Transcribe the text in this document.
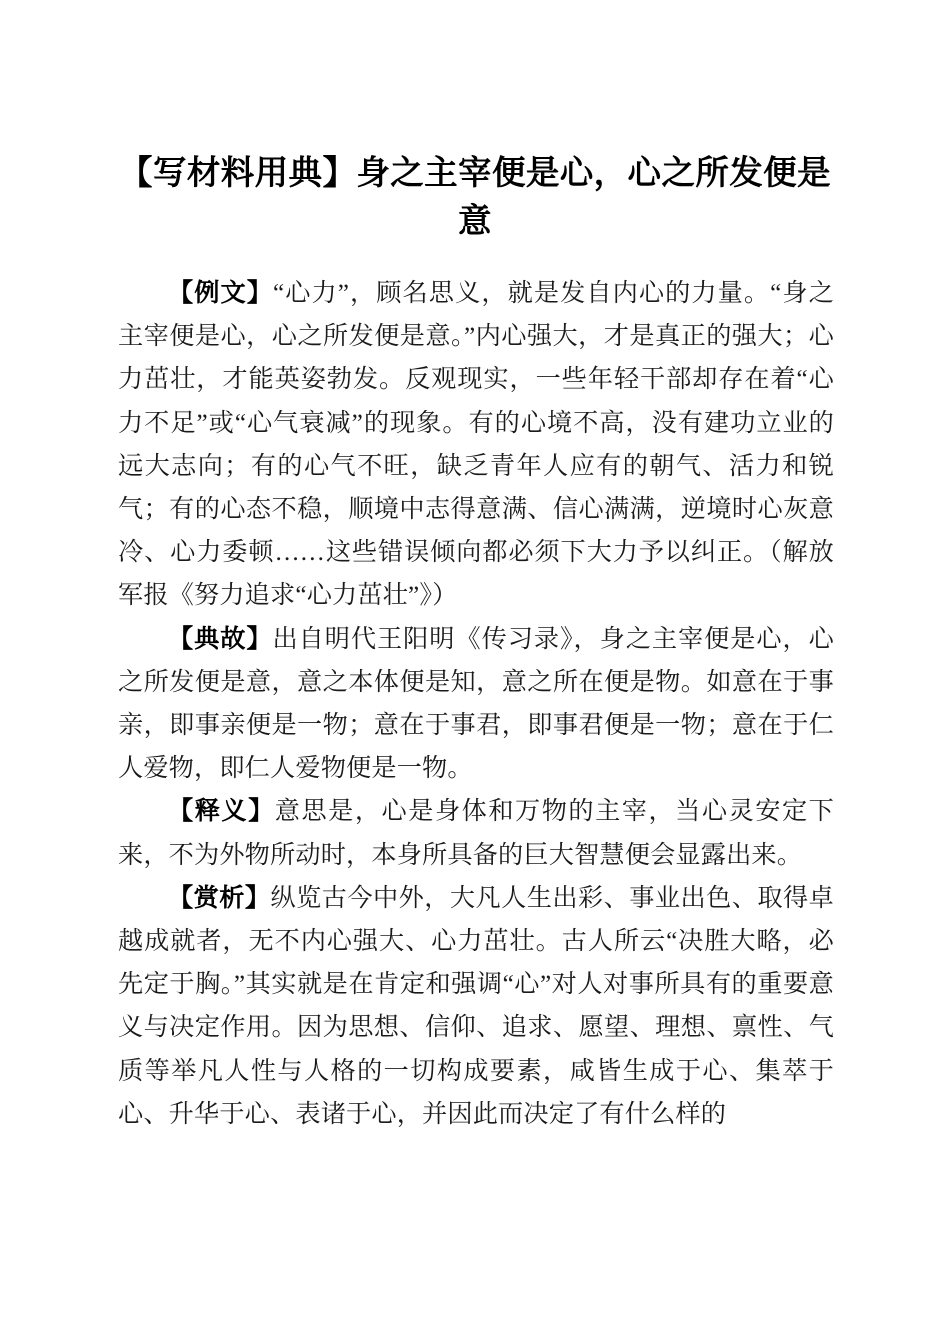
【写材料用典】身之主宰便是心，心之所发便是意

【例文】“心力”，顾名思义，就是发自内心的力量。“身之主宰便是心，心之所发便是意。”内心强大，才是真正的强大；心力茁壮，才能英姿勃发。反观现实，一些年轻干部却存在着“心力不足”或“心气衰减”的现象。有的心境不高，没有建功立业的远大志向；有的心气不旺，缺乏青年人应有的朝气、活力和锐气；有的心态不稳，顺境中志得意满、信心满满，逆境时心灰意冷、心力委顿……这些错误倾向都必须下大力予以纠正。（解放军报《努力追求“心力茁壮”》）

【典故】出自明代王阳明《传习录》，身之主宰便是心，心之所发便是意，意之本体便是知，意之所在便是物。如意在于事亲，即事亲便是一物；意在于事君，即事君便是一物；意在于仁人爱物，即仁人爱物便是一物。

【释义】意思是，心是身体和万物的主宰，当心灵安定下来，不为外物所动时，本身所具备的巨大智慧便会显露出来。

【赏析】纵览古今中外，大凡人生出彩、事业出色、取得卓越成就者，无不内心强大、心力茁壮。古人所云“决胜大略，必先定于胸。”其实就是在肯定和强调“心”对人对事所具有的重要意义与决定作用。因为思想、信仰、追求、愿望、理想、禀性、气质等举凡人性与人格的一切构成要素，咸皆生成于心、集萃于心、升华于心、表诸于心，并因此而决定了有什么样的
